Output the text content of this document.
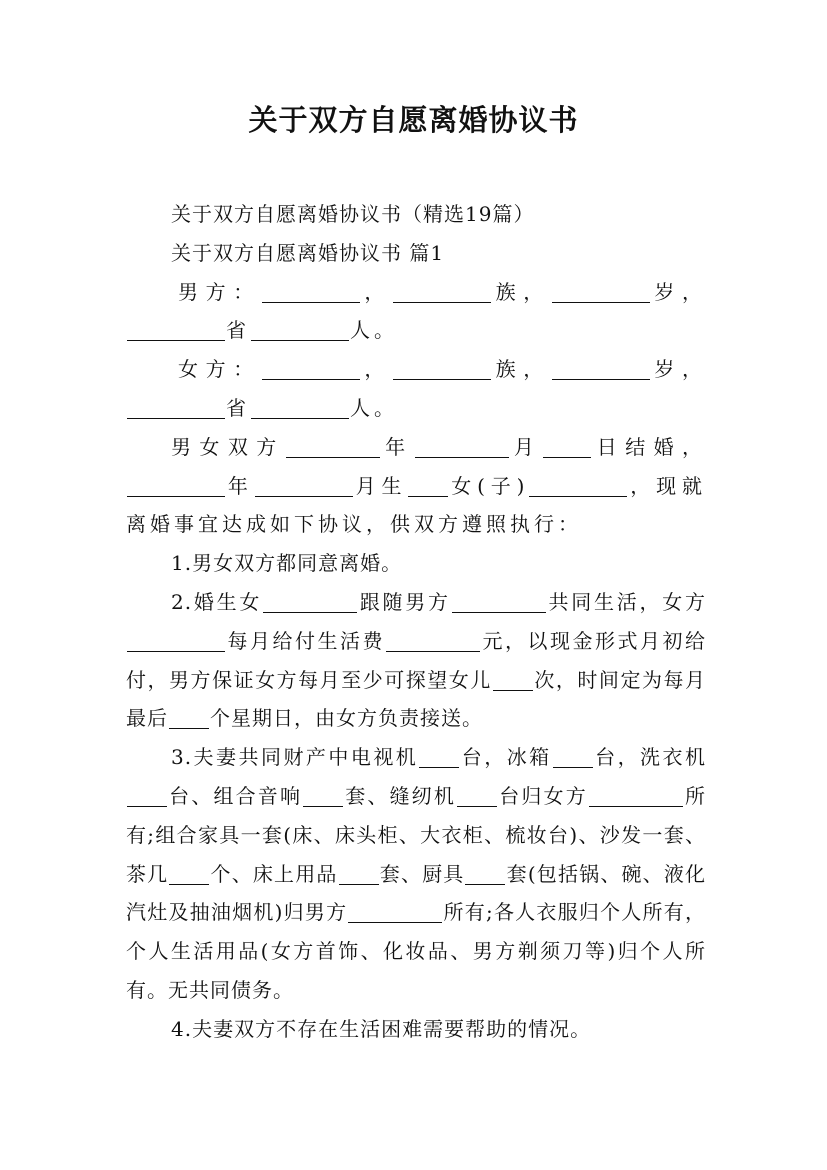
关于双方自愿离婚协议书

关于双方自愿离婚协议书（精选19篇）

关于双方自愿离婚协议书 篇1

男方：	，	族，	岁，省	人。

女方：	，	族，	岁，省	人。

男女双方	年	月	日结婚，年	月生 女(子)	，现就离婚事宜达成如下协议，供双方遵照执行：

1.男女双方都同意离婚。

2.婚生女	跟随男方	共同生活，女方每月给付生活费	元，以现金形式月初给付，男方保证女方每月至少可探望女儿 次，时间定为每月最后 个星期日，由女方负责接送。

3.夫妻共同财产中电视机 台，冰箱 台，洗衣机台、组合音响 套、缝纫机 台归女方	所有;组合家具一套(床、床头柜、大衣柜、梳妆台)、沙发一套、茶几 个、床上用品 套、厨具 套(包括锅、碗、液化汽灶及抽油烟机)归男方	所有;各人衣服归个人所有，个人生活用品(女方首饰、化妆品、男方剃须刀等)归个人所有。无共同债务。

4.夫妻双方不存在生活困难需要帮助的情况。
